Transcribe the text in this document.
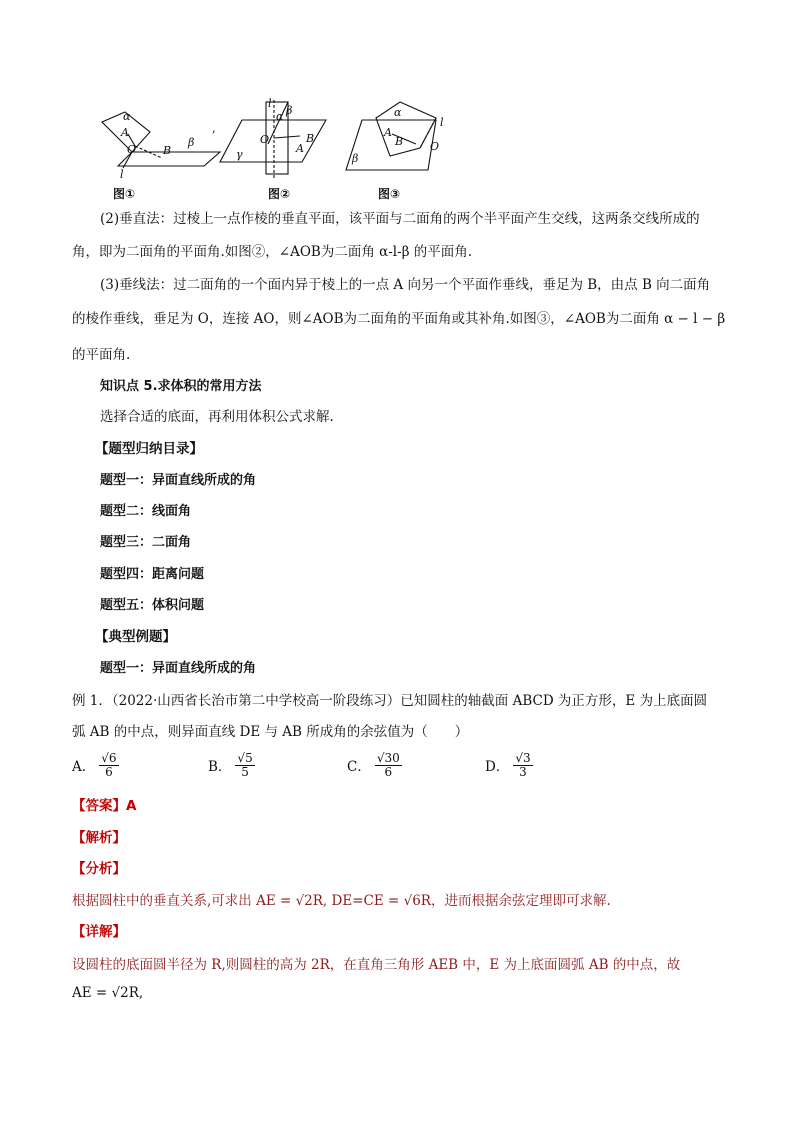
α
A
O B
β
l
l
α β
B
O
A
γ
α
l
A
B O
β
,
图①	图②	图③
(2)垂直法：过棱上一点作棱的垂直平面，该平面与二面角的两个半平面产生交线，这两条交线所成的
角，即为二面角的平面角.如图②，∠AOB为二面角 α-l-β 的平面角.
(3)垂线法：过二面角的一个面内异于棱上的一点 A 向另一个平面作垂线，垂足为 B，由点 B 向二面角
的棱作垂线，垂足为 O，连接 AO，则∠AOB为二面角的平面角或其补角.如图③，∠AOB为二面角 α − l − β
的平面角.
知识点 5.求体积的常用方法
选择合适的底面，再利用体积公式求解.
【题型归纳目录】
题型一：异面直线所成的角
题型二：线面角
题型三：二面角
题型四：距离问题
题型五：体积问题
【典型例题】
题型一：异面直线所成的角
例 1．（2022·山西省长治市第二中学校高一阶段练习）已知圆柱的轴截面 ABCD 为正方形，E 为上底面圆
弧 AB 的中点，则异面直线 DE 与 AB 所成角的余弦值为（　　）
A． $\frac{√6}{6}$	B． $\frac{√5}{5}$	C． $\frac{√30}{6}$	D． $\frac{√3}{3}$
【答案】A
【解析】
【分析】
根据圆柱中的垂直关系,可求出 AE = √2R, DE=CE = √6R，进而根据余弦定理即可求解.
【详解】
设圆柱的底面圆半径为 R,则圆柱的高为 2R，在直角三角形 AEB 中，E 为上底面圆弧 AB 的中点，故
AE = √2R,
